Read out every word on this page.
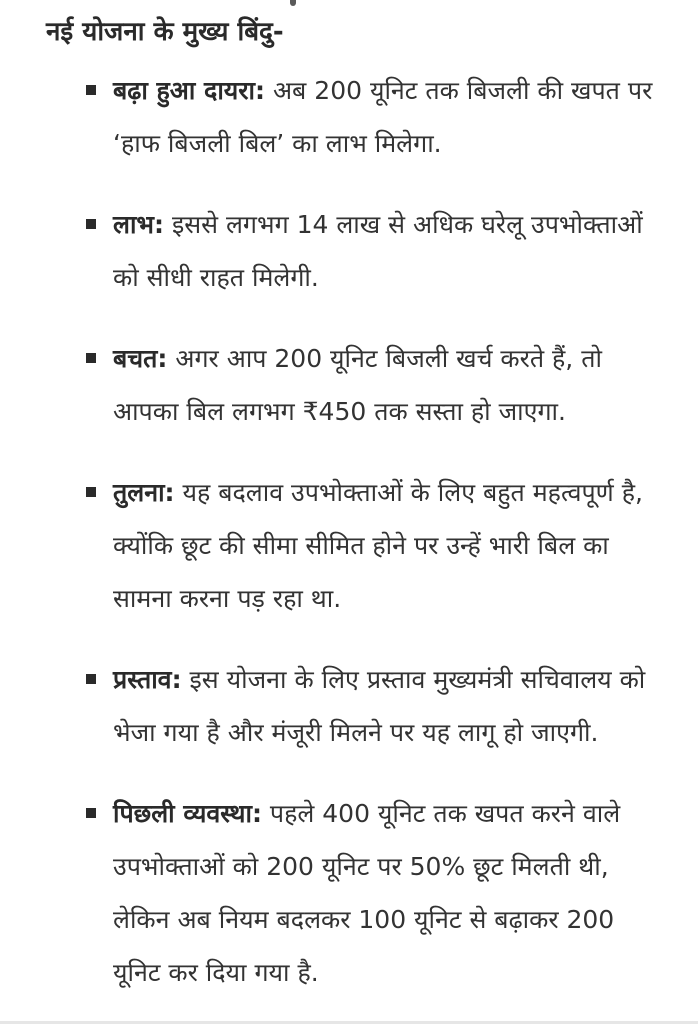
नई योजना के मुख्य बिंदु-
बढ़ा हुआ दायरा: अब 200 यूनिट तक बिजली की खपत पर ‘हाफ बिजली बिल’ का लाभ मिलेगा.
लाभ: इससे लगभग 14 लाख से अधिक घरेलू उपभोक्ताओं को सीधी राहत मिलेगी.
बचत: अगर आप 200 यूनिट बिजली खर्च करते हैं, तो आपका बिल लगभग ₹450 तक सस्ता हो जाएगा.
तुलना: यह बदलाव उपभोक्ताओं के लिए बहुत महत्वपूर्ण है, क्योंकि छूट की सीमा सीमित होने पर उन्हें भारी बिल का सामना करना पड़ रहा था.
प्रस्ताव: इस योजना के लिए प्रस्ताव मुख्यमंत्री सचिवालय को भेजा गया है और मंजूरी मिलने पर यह लागू हो जाएगी.
पिछली व्यवस्था: पहले 400 यूनिट तक खपत करने वाले उपभोक्ताओं को 200 यूनिट पर 50% छूट मिलती थी, लेकिन अब नियम बदलकर 100 यूनिट से बढ़ाकर 200 यूनिट कर दिया गया है.
